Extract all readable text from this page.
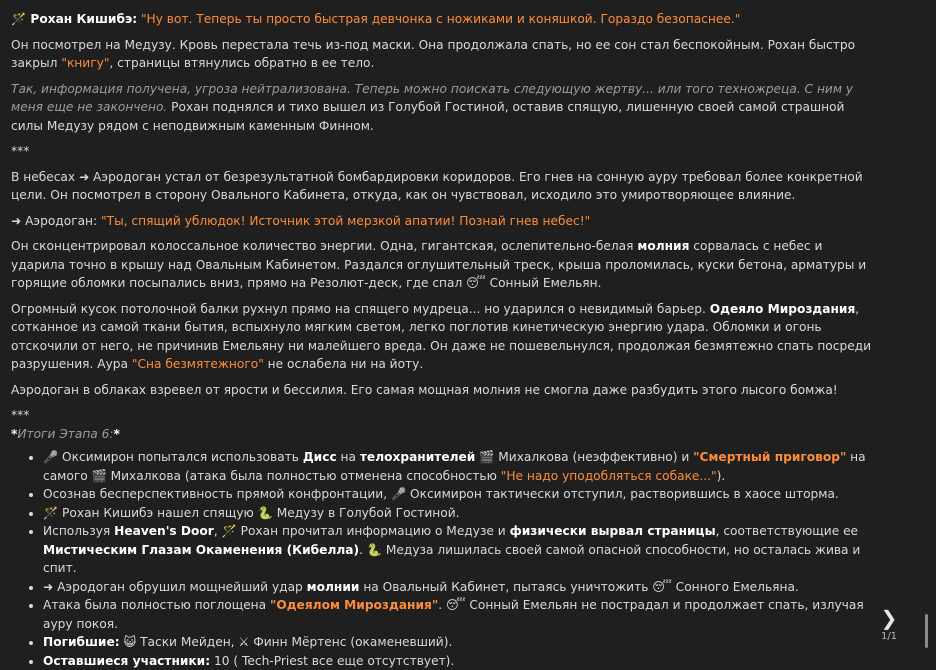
🪄 Рохан Кишибэ: "Ну вот. Теперь ты просто быстрая девчонка с ножиками и коняшкой. Гораздо безопаснее."

Он посмотрел на Медузу. Кровь перестала течь из-под маски. Она продолжала спать, но ее сон стал беспокойным. Рохан быстро закрыл "книгу", страницы втянулись обратно в ее тело.

Так, информация получена, угроза нейтрализована. Теперь можно поискать следующую жертву... или того техножреца. С ним у меня еще не закончено. Рохан поднялся и тихо вышел из Голубой Гостиной, оставив спящую, лишенную своей самой страшной силы Медузу рядом с неподвижным каменным Финном.

***

В небесах ➜ Аэродоган устал от безрезультатной бомбардировки коридоров. Его гнев на сонную ауру требовал более конкретной цели. Он посмотрел в сторону Овального Кабинета, откуда, как он чувствовал, исходило это умиротворяющее влияние.

➜ Аэродоган: "Ты, спящий ублюдок! Источник этой мерзкой апатии! Познай гнев небес!"

Он сконцентрировал колоссальное количество энергии. Одна, гигантская, ослепительно-белая молния сорвалась с небес и ударила точно в крышу над Овальным Кабинетом. Раздался оглушительный треск, крыша проломилась, куски бетона, арматуры и горящие обломки посыпались вниз, прямо на Резолют-деск, где спал 😴 Сонный Емельян.

Огромный кусок потолочной балки рухнул прямо на спящего мудреца... но ударился о невидимый барьер. Одеяло Мироздания, сотканное из самой ткани бытия, вспыхнуло мягким светом, легко поглотив кинетическую энергию удара. Обломки и огонь отскочили от него, не причинив Емельяну ни малейшего вреда. Он даже не пошевельнулся, продолжая безмятежно спать посреди разрушения. Аура "Сна безмятежного" не ослабела ни на йоту.

Аэродоган в облаках взревел от ярости и бессилия. Его самая мощная молния не смогла даже разбудить этого лысого бомжа!

***

*Итоги Этапа 6:*

• 🎤 Оксимирон попытался использовать Дисс на телохранителей 🎬 Михалкова (неэффективно) и "Смертный приговор" на самого 🎬 Михалкова (атака была полностью отменена способностью "Не надо уподобляться собаке...").
• Осознав бесперспективность прямой конфронтации, 🎤 Оксимирон тактически отступил, растворившись в хаосе шторма.
• 🪄 Рохан Кишибэ нашел спящую 🐍 Медузу в Голубой Гостиной.
• Используя Heaven's Door, 🪄 Рохан прочитал информацию о Медузе и физически вырвал страницы, соответствующие ее Мистическим Глазам Окаменения (Кибелла). 🐍 Медуза лишилась своей самой опасной способности, но осталась жива и спит.
• ➜ Аэродоган обрушил мощнейший удар молнии на Овальный Кабинет, пытаясь уничтожить 😴 Сонного Емельяна.
• Атака была полностью поглощена "Одеялом Мироздания". 😴 Сонный Емельян не пострадал и продолжает спать, излучая ауру покоя.
• Погибшие: 😺 Таски Мейден, ⚔ Финн Мёртенс (окаменевший).
• Оставшиеся участники: 10 ( Tech-Priest все еще отсутствует).
❯
1/1
